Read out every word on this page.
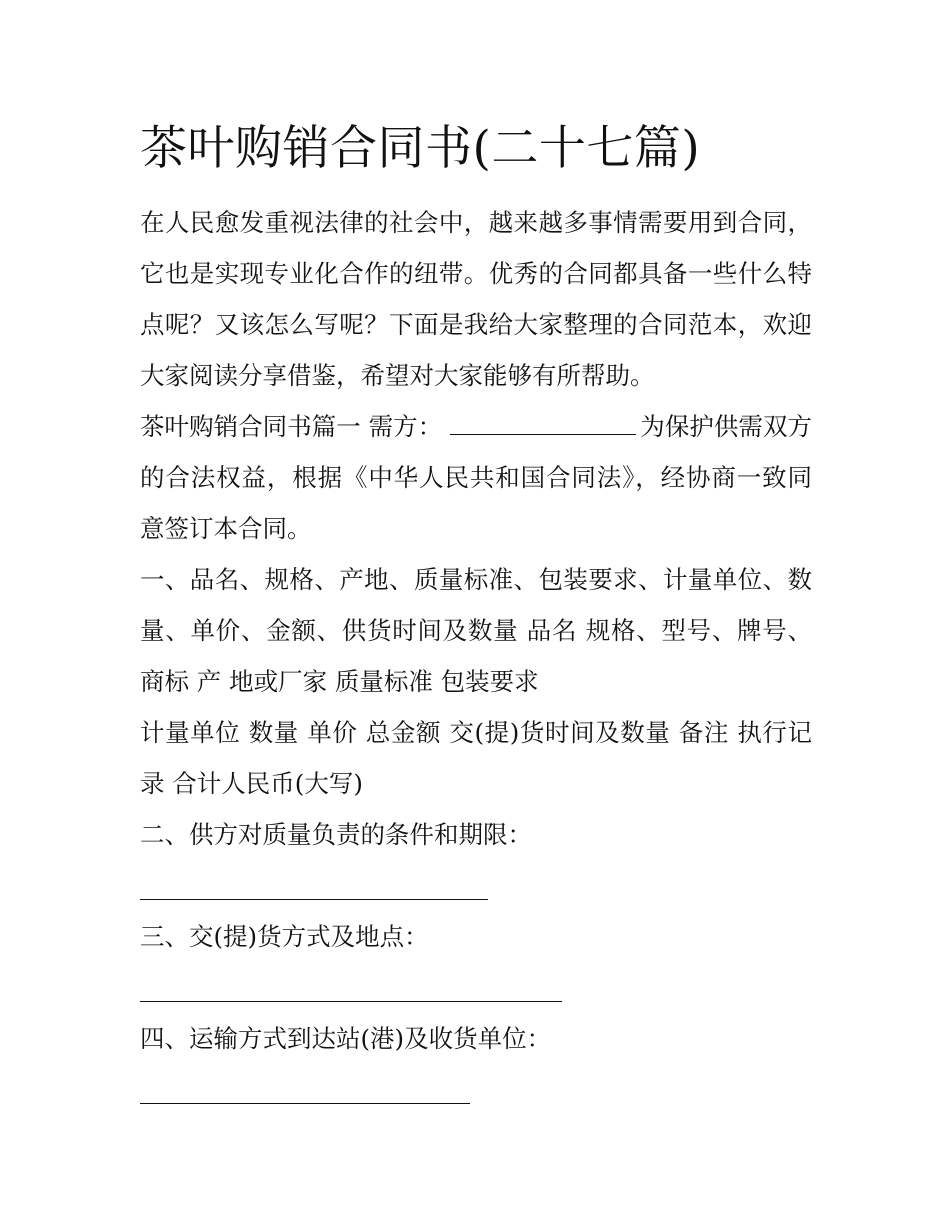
茶叶购销合同书(二十七篇)

在人民愈发重视法律的社会中，越来越多事情需要用到合同，它也是实现专业化合作的纽带。优秀的合同都具备一些什么特点呢？又该怎么写呢？下面是我给大家整理的合同范本，欢迎大家阅读分享借鉴，希望对大家能够有所帮助。

茶叶购销合同书篇一 需方：	为保护供需双方的合法权益，根据《中华人民共和国合同法》，经协商一致同意签订本合同。

一、品名、规格、产地、质量标准、包装要求、计量单位、数量、单价、金额、供货时间及数量 品名 规格、型号、牌号、商标 产 地或厂家 质量标准 包装要求

计量单位 数量 单价 总金额 交(提)货时间及数量 备注 执行记录 合计人民币(大写)

二、供方对质量负责的条件和期限：

三、交(提)货方式及地点：

四、运输方式到达站(港)及收货单位：
